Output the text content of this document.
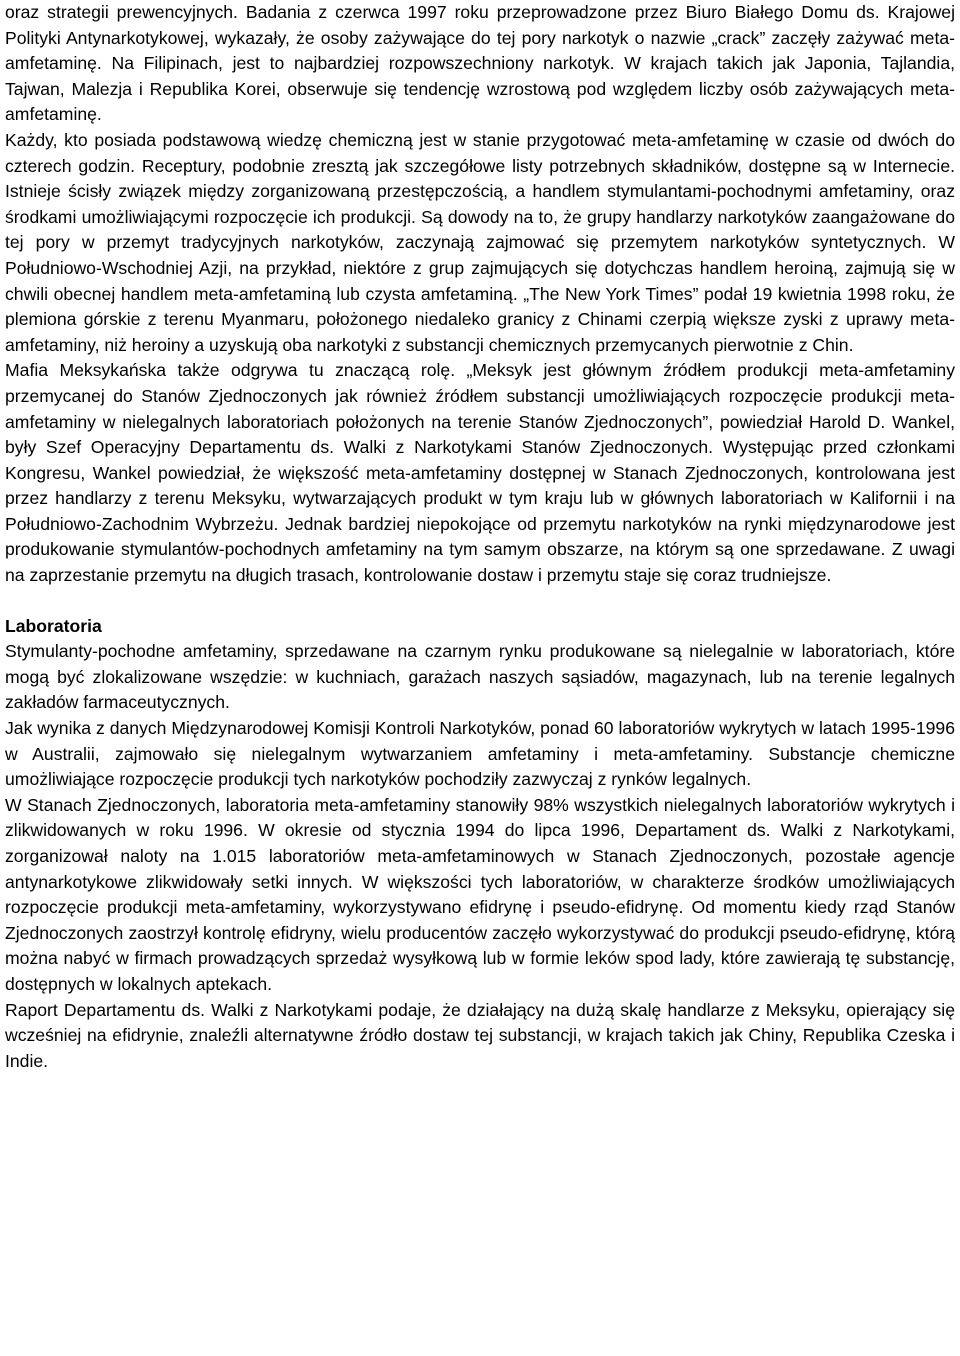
oraz strategii prewencyjnych. Badania z czerwca 1997 roku przeprowadzone przez Biuro Białego Domu ds. Krajowej Polityki Antynarkotykowej, wykazały, że osoby zażywające do tej pory narkotyk o nazwie „crack” zaczęły zażywać meta-amfetaminę. Na Filipinach, jest to najbardziej rozpowszechniony narkotyk. W krajach takich jak Japonia, Tajlandia, Tajwan, Malezja i Republika Korei, obserwuje się tendencję wzrostową pod względem liczby osób zażywających meta-amfetaminę.

Każdy, kto posiada podstawową wiedzę chemiczną jest w stanie przygotować meta-amfetaminę w czasie od dwóch do czterech godzin. Receptury, podobnie zresztą jak szczegółowe listy potrzebnych składników, dostępne są w Internecie. Istnieje ścisły związek między zorganizowaną przestępczością, a handlem stymulantami-pochodnymi amfetaminy, oraz środkami umożliwiającymi rozpoczęcie ich produkcji. Są dowody na to, że grupy handlarzy narkotyków zaangażowane do tej pory w przemyt tradycyjnych narkotyków, zaczynają zajmować się przemytem narkotyków syntetycznych. W Południowo-Wschodniej Azji, na przykład, niektóre z grup zajmujących się dotychczas handlem heroiną, zajmują się w chwili obecnej handlem meta-amfetaminą lub czysta amfetaminą. „The New York Times” podał 19 kwietnia 1998 roku, że plemiona górskie z terenu Myanmaru, położonego niedaleko granicy z Chinami czerpią większe zyski z uprawy meta-amfetaminy, niż heroiny a uzyskują oba narkotyki z substancji chemicznych przemycanych pierwotnie z Chin.

Mafia Meksykańska także odgrywa tu znaczącą rolę. „Meksyk jest głównym źródłem produkcji meta-amfetaminy przemycanej do Stanów Zjednoczonych jak również źródłem substancji umożliwiających rozpoczęcie produkcji meta-amfetaminy w nielegalnych laboratoriach położonych na terenie Stanów Zjednoczonych”, powiedział Harold D. Wankel, były Szef Operacyjny Departamentu ds. Walki z Narkotykami Stanów Zjednoczonych. Występując przed członkami Kongresu, Wankel powiedział, że większość meta-amfetaminy dostępnej w Stanach Zjednoczonych, kontrolowana jest przez handlarzy z terenu Meksyku, wytwarzających produkt w tym kraju lub w głównych laboratoriach w Kalifornii i na Południowo-Zachodnim Wybrzeżu. Jednak bardziej niepokojące od przemytu narkotyków na rynki międzynarodowe jest produkowanie stymulantów-pochodnych amfetaminy na tym samym obszarze, na którym są one sprzedawane. Z uwagi na zaprzestanie przemytu na długich trasach, kontrolowanie dostaw i przemytu staje się coraz trudniejsze.

Laboratoria

Stymulanty-pochodne amfetaminy, sprzedawane na czarnym rynku produkowane są nielegalnie w laboratoriach, które mogą być zlokalizowane wszędzie: w kuchniach, garażach naszych sąsiadów, magazynach, lub na terenie legalnych zakładów farmaceutycznych.

Jak wynika z danych Międzynarodowej Komisji Kontroli Narkotyków, ponad 60 laboratoriów wykrytych w latach 1995-1996 w Australii, zajmowało się nielegalnym wytwarzaniem amfetaminy i meta-amfetaminy. Substancje chemiczne umożliwiające rozpoczęcie produkcji tych narkotyków pochodziły zazwyczaj z rynków legalnych.

W Stanach Zjednoczonych, laboratoria meta-amfetaminy stanowiły 98% wszystkich nielegalnych laboratoriów wykrytych i zlikwidowanych w roku 1996. W okresie od stycznia 1994 do lipca 1996, Departament ds. Walki z Narkotykami, zorganizował naloty na 1.015 laboratoriów meta-amfetaminowych w Stanach Zjednoczonych, pozostałe agencje antynarkotykowe zlikwidowały setki innych. W większości tych laboratoriów, w charakterze środków umożliwiających rozpoczęcie produkcji meta-amfetaminy, wykorzystywano efidrynę i pseudo-efidrynę. Od momentu kiedy rząd Stanów Zjednoczonych zaostrzył kontrolę efidryny, wielu producentów zaczęło wykorzystywać do produkcji pseudo-efidrynę, którą można nabyć w firmach prowadzących sprzedaż wysyłkową lub w formie leków spod lady, które zawierają tę substancję, dostępnych w lokalnych aptekach.

Raport Departamentu ds. Walki z Narkotykami podaje, że działający na dużą skalę handlarze z Meksyku, opierający się wcześniej na efidrynie, znaleźli alternatywne źródło dostaw tej substancji, w krajach takich jak Chiny, Republika Czeska i Indie.
